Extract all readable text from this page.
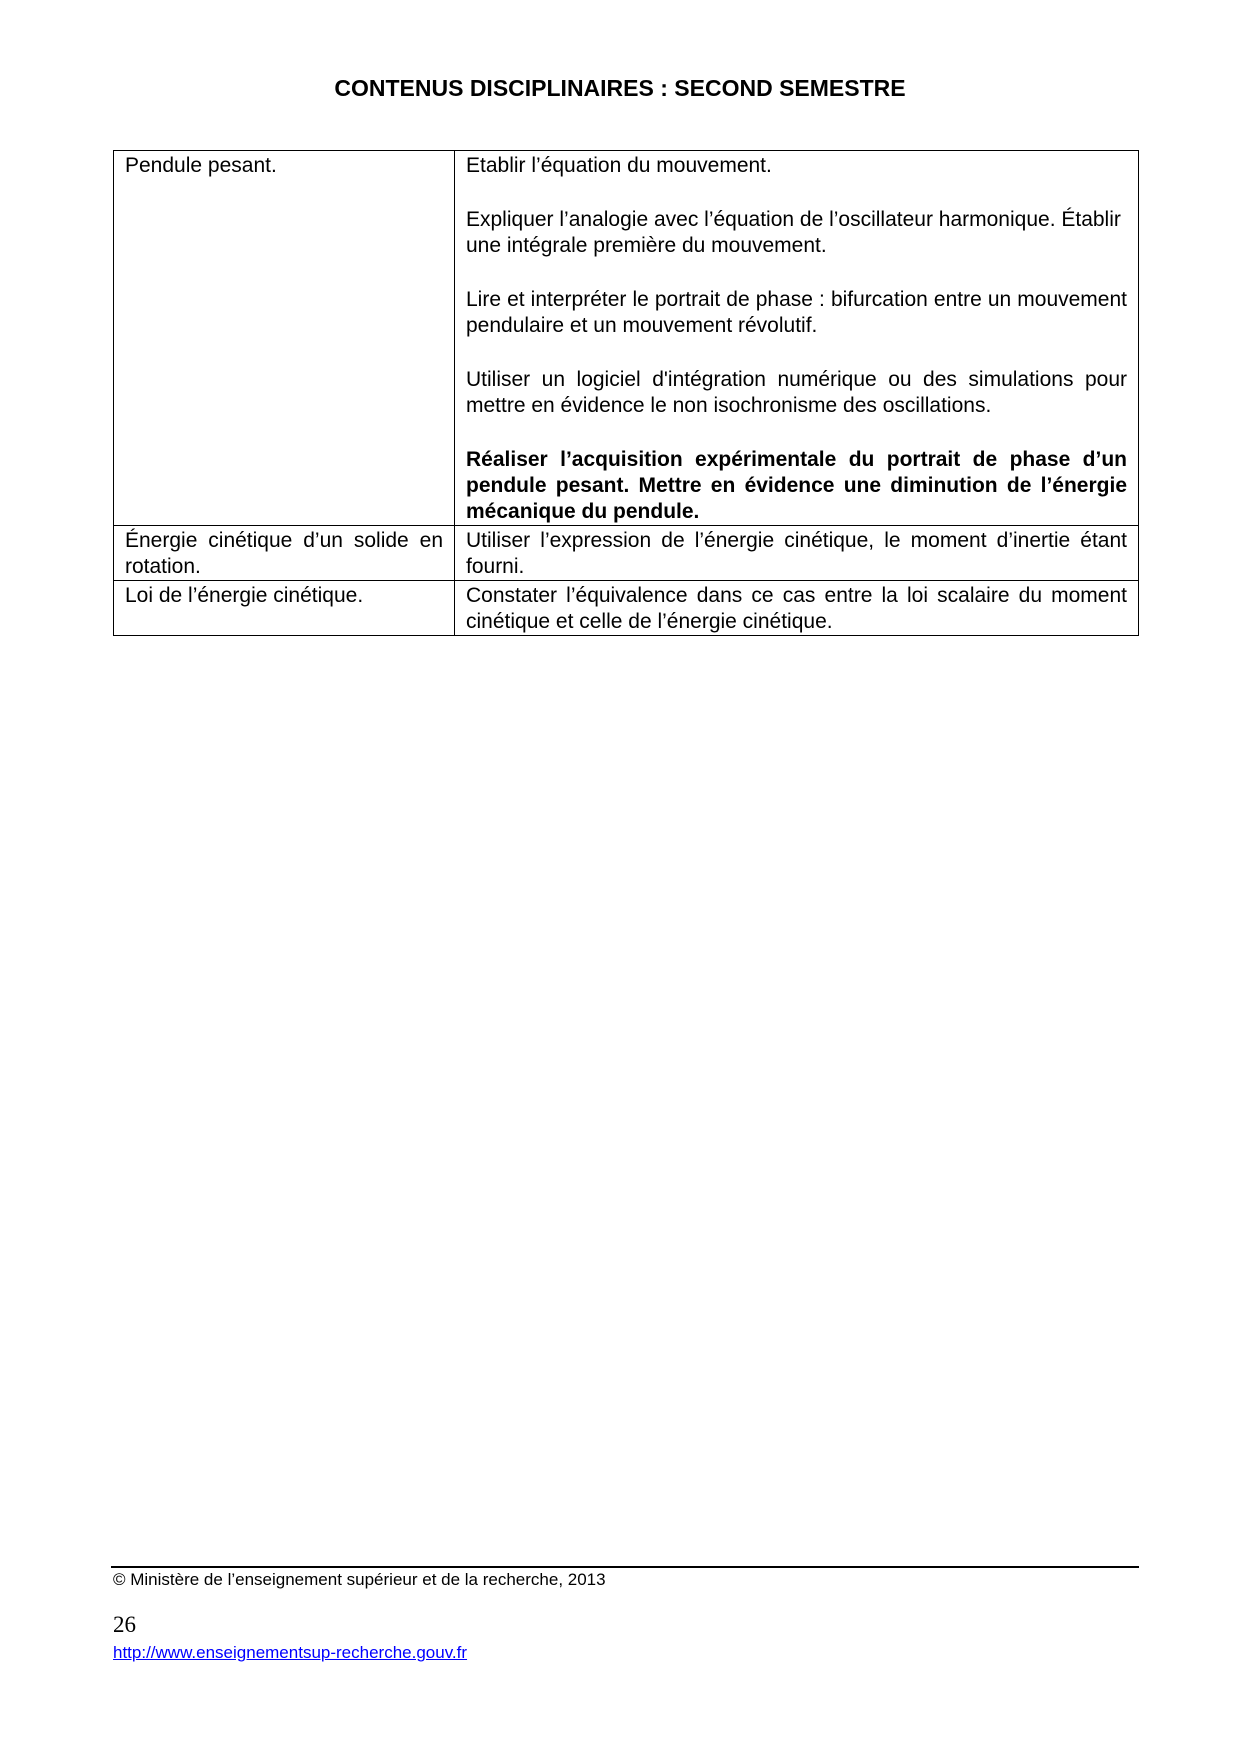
CONTENUS DISCIPLINAIRES : SECOND SEMESTRE
Pendule pesant.	Etablir l’équation du mouvement.

Expliquer l’analogie avec l’équation de l’oscillateur harmonique. Établir une intégrale première du mouvement.

Lire et interpréter le portrait de phase : bifurcation entre un mouvement pendulaire et un mouvement révolutif.

Utiliser un logiciel d'intégration numérique ou des simulations pour mettre en évidence le non isochronisme des oscillations.

Réaliser l’acquisition expérimentale du portrait de phase d’un pendule pesant. Mettre en évidence une diminution de l’énergie mécanique du pendule.

Énergie cinétique d’un solide en rotation.	Utiliser l’expression de l’énergie cinétique, le moment d’inertie étant fourni.
Loi de l’énergie cinétique.	Constater l’équivalence dans ce cas entre la loi scalaire du moment cinétique et celle de l’énergie cinétique.
© Ministère de l’enseignement supérieur et de la recherche, 2013
26
http://www.enseignementsup-recherche.gouv.fr
